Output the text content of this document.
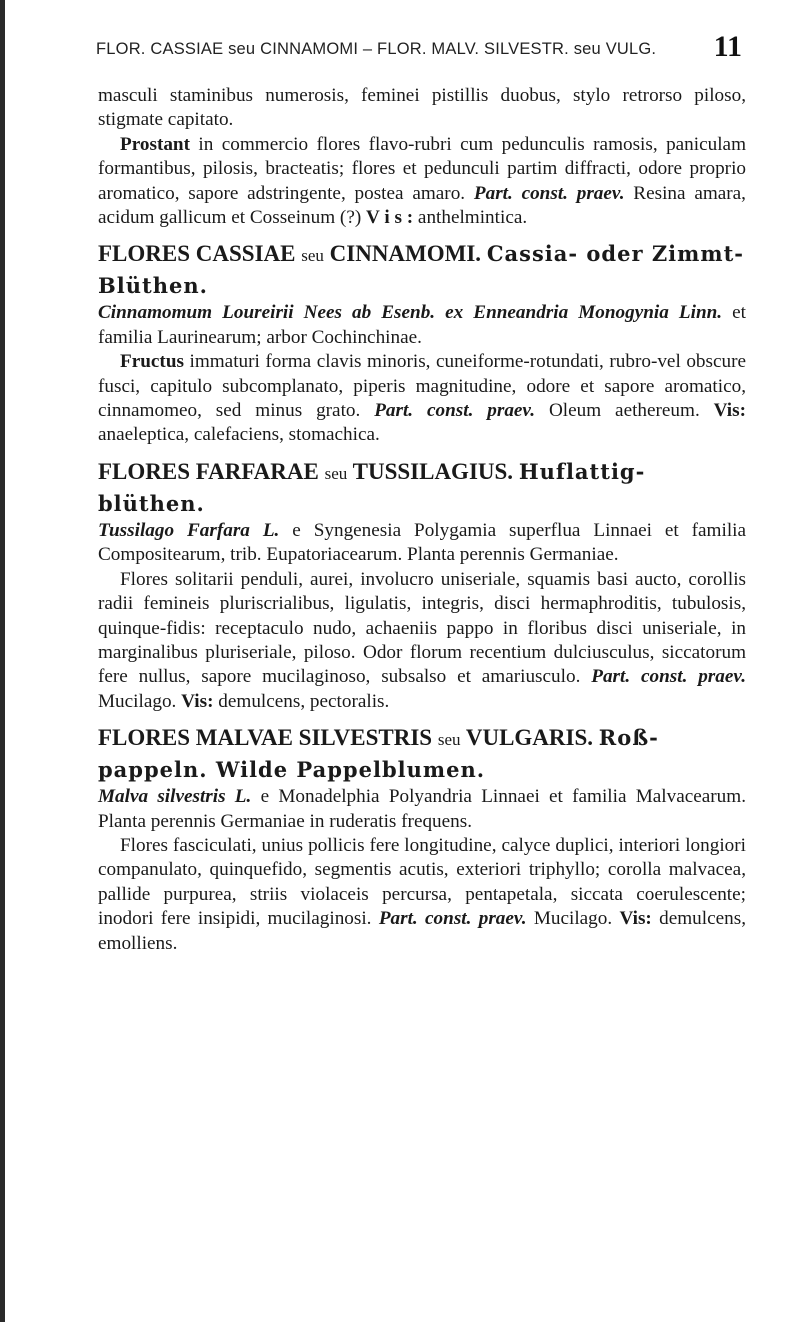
FLOR. CASSIAE seu CINNAMOMI – FLOR. MALV. SILVESTR. seu VULG. 11

masculi staminibus numerosis, feminei pistillis duobus, stylo retrorso piloso, stigmate capitato.

Prostant in commercio flores flavo-rubri cum pedunculis ramosis, paniculam formantibus, pilosis, bracteatis; flores et pedunculi partim diffracti, odore proprio aromatico, sapore adstringente, postea amaro. Part. const. praev. Resina amara, acidum gallicum et Cosseinum (?) V i s : anthelmintica.

FLORES CASSIAE seu CINNAMOMI. Cassia- oder Zimmt-Blüthen.

Cinnamomum Loureirii Nees ab Esenb. ex Enneandria Monogynia Linn. et familia Laurinearum; arbor Cochinchinae.

Fructus immaturi forma clavis minoris, cuneiforme-rotundati, rubro-vel obscure fusci, capitulo subcomplanato, piperis magnitudine, odore et sapore aromatico, cinnamomeo, sed minus grato. Part. const. praev. Oleum aethereum. Vis: anaeleptica, calefaciens, stomachica.

FLORES FARFARAE seu TUSSILAGIUS. Huflattig-blüthen.

Tussilago Farfara L. e Syngenesia Polygamia superflua Linnaei et familia Compositearum, trib. Eupatoriacearum. Planta perennis Germaniae.

Flores solitarii penduli, aurei, involucro uniseriale, squamis basi aucto, corollis radii femineis pluriscrialibus, ligulatis, integris, disci hermaphroditis, tubulosis, quinque-fidis: receptaculo nudo, achaeniis pappo in floribus disci uniseriale, in marginalibus pluriseriale, piloso. Odor florum recentium dulciusculus, siccatorum fere nullus, sapore mucilaginoso, subsalso et amariusculo. Part. const. praev. Mucilago. Vis: demulcens, pectoralis.

FLORES MALVAE SILVESTRIS seu VULGARIS. Roß-pappeln. Wilde Pappelblumen.

Malva silvestris L. e Monadelphia Polyandria Linnaei et familia Malvacearum. Planta perennis Germaniae in ruderatis frequens.

Flores fasciculati, unius pollicis fere longitudine, calyce duplici, interiori longiori companulato, quinquefido, segmentis acutis, exteriori triphyllo; corolla malvacea, pallide purpurea, striis violaceis percursa, pentapetala, siccata coerulescente; inodori fere insipidi, mucilaginosi. Part. const. praev. Mucilago. Vis: demulcens, emolliens.
